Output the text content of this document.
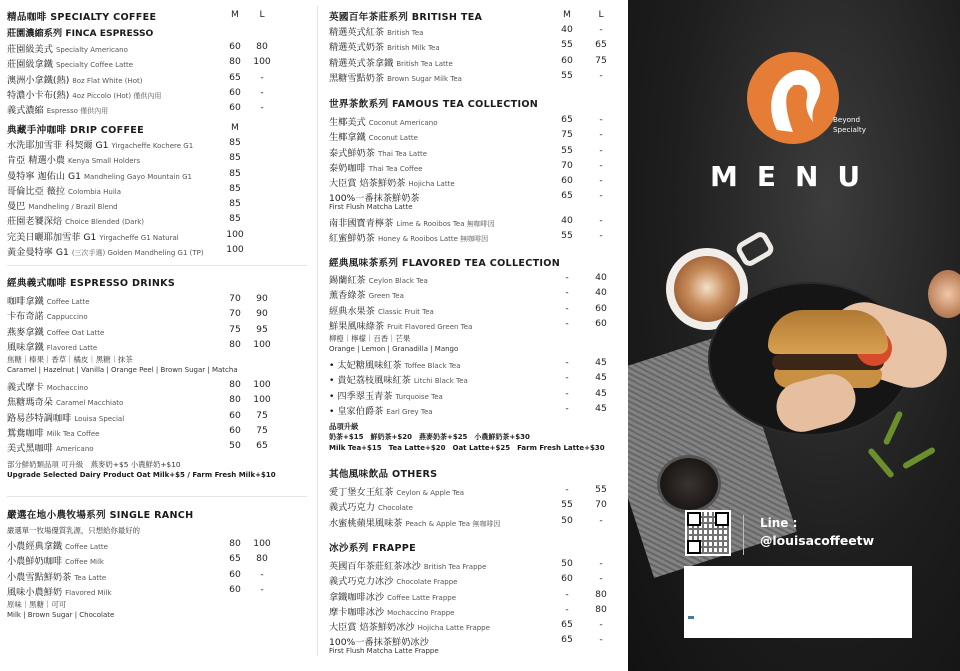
精品咖啡 SPECIALTY COFFEE	M	L
莊園濃縮系列 FINCA ESPRESSO
莊園級美式 Specialty Americano	60	80
莊園級拿鐵 Specialty Coffee Latte	80	100
澳洲小拿鐵(熱) 8oz Flat White (Hot)	65	-
特濃小卡布(熱) 4oz Piccolo (Hot) 僅供內用	60	-
義式濃縮 Espresso 僅供內用	60	-
典藏手沖咖啡 DRIP COFFEE	M
水洗耶加雪菲 科契爾 G1 Yirgacheffe Kochere G1	85
肯亞 精選小農 Kenya Small Holders	85
曼特寧 迦佑山 G1 Mandheling Gayo Mountain G1	85
哥倫比亞 薇拉 Colombia Huila	85
曼巴 Mandheling / Brazil Blend	85
莊園老饕深焙 Choice Blended (Dark)	85
完美日曬耶加雪菲 G1 Yirgacheffe G1 Natural	100
黃金曼特寧 G1 (三次手選) Golden Mandheling G1 (TP)	100
經典義式咖啡 ESPRESSO DRINKS
咖啡拿鐵 Coffee Latte	70	90
卡布奇諾 Cappuccino	70	90
燕麥拿鐵 Coffee Oat Latte	75	95
風味拿鐵 Flavored Latte	80	100
焦糖｜榛果｜香草｜橘皮｜黑糖｜抹茶
Caramel | Hazelnut | Vanilla | Orange Peel | Brown Sugar | Matcha
義式摩卡 Mochaccino	80	100
焦糖瑪奇朵 Caramel Macchiato	80	100
路易莎特調咖啡 Louisa Special	60	75
鴛鴦咖啡 Milk Tea Coffee	60	75
美式黑咖啡 Americano	50	65
部分鮮奶類品項 可升級　燕麥奶+$5 小農鮮奶+$10
Upgrade Selected Dairy Product Oat Milk+$5 / Farm Fresh Milk+$10
嚴選在地小農牧場系列 SINGLE RANCH
嚴選單一牧場優質乳源，只想給你最好的
小農經典拿鐵 Coffee Latte	80	100
小農鮮奶咖啡 Coffee Milk	65	80
小農雪點鮮奶茶 Tea Latte	60	-
風味小農鮮奶 Flavored Milk	60	-
原味｜黑糖｜可可
Milk | Brown Sugar | Chocolate
英國百年茶莊系列 BRITISH TEA	M	L
精選英式紅茶 British Tea	40	-
精選英式奶茶 British Milk Tea	55	65
精選英式茶拿鐵 British Tea Latte	60	75
黑糖雪點奶茶 Brown Sugar Milk Tea	55	-
世界茶飲系列 FAMOUS TEA COLLECTION
生椰美式 Coconut Americano	65	-
生椰拿鐵 Coconut Latte	75	-
泰式鮮奶茶 Thai Tea Latte	55	-
泰奶咖啡 Thai Tea Coffee	70	-
大臣賞 焙茶鮮奶茶 Hojicha Latte	60	-
100%一番抹茶鮮奶茶	65	-
First Flush Matcha Latte
南非國寶青檸茶 Lime & Rooibos Tea 無咖啡因	40	-
紅蜜鮮奶茶 Honey & Rooibos Latte 無咖啡因	55	-
經典風味茶系列 FLAVORED TEA COLLECTION
錫蘭紅茶 Ceylon Black Tea	-	40
薰香綠茶 Green Tea	-	40
經典水果茶 Classic Fruit Tea	-	60
鮮果風味綠茶 Fruit Flavored Green Tea	-	60
柳橙｜檸檬｜百香｜芒果
Orange | Lemon | Granadilla | Mango
• 太妃糖風味紅茶 Toffee Black Tea	-	45
• 貴妃荔枝風味紅茶 Litchi Black Tea	-	45
• 四季翠玉青茶 Turquoise Tea	-	45
• 皇家伯爵茶 Earl Grey Tea	-	45
品項升級
奶茶+$15　鮮奶茶+$20　燕麥奶茶+$25　小農鮮奶茶+$30
Milk Tea+$15　Tea Latte+$20　Oat Latte+$25　Farm Fresh Latte+$30
其他風味飲品 OTHERS
愛丁堡女王紅茶 Ceylon & Apple Tea	-	55
義式巧克力 Chocolate	55	70
水蜜桃蘋果風味茶 Peach & Apple Tea 無咖啡因	50	-
冰沙系列 FRAPPE
英國百年茶莊紅茶冰沙 British Tea Frappe	50	-
義式巧克力冰沙 Chocolate Frappe	60	-
拿鐵咖啡冰沙 Coffee Latte Frappe	-	80
摩卡咖啡冰沙 Mochaccino Frappe	-	80
大臣賞 焙茶鮮奶冰沙 Hojicha Latte Frappe	65	-
100%一番抹茶鮮奶冰沙	65	-
First Flush Matcha Latte Frappe
Beyond
Specialty
MENU
Line :
@louisacoffeetw
